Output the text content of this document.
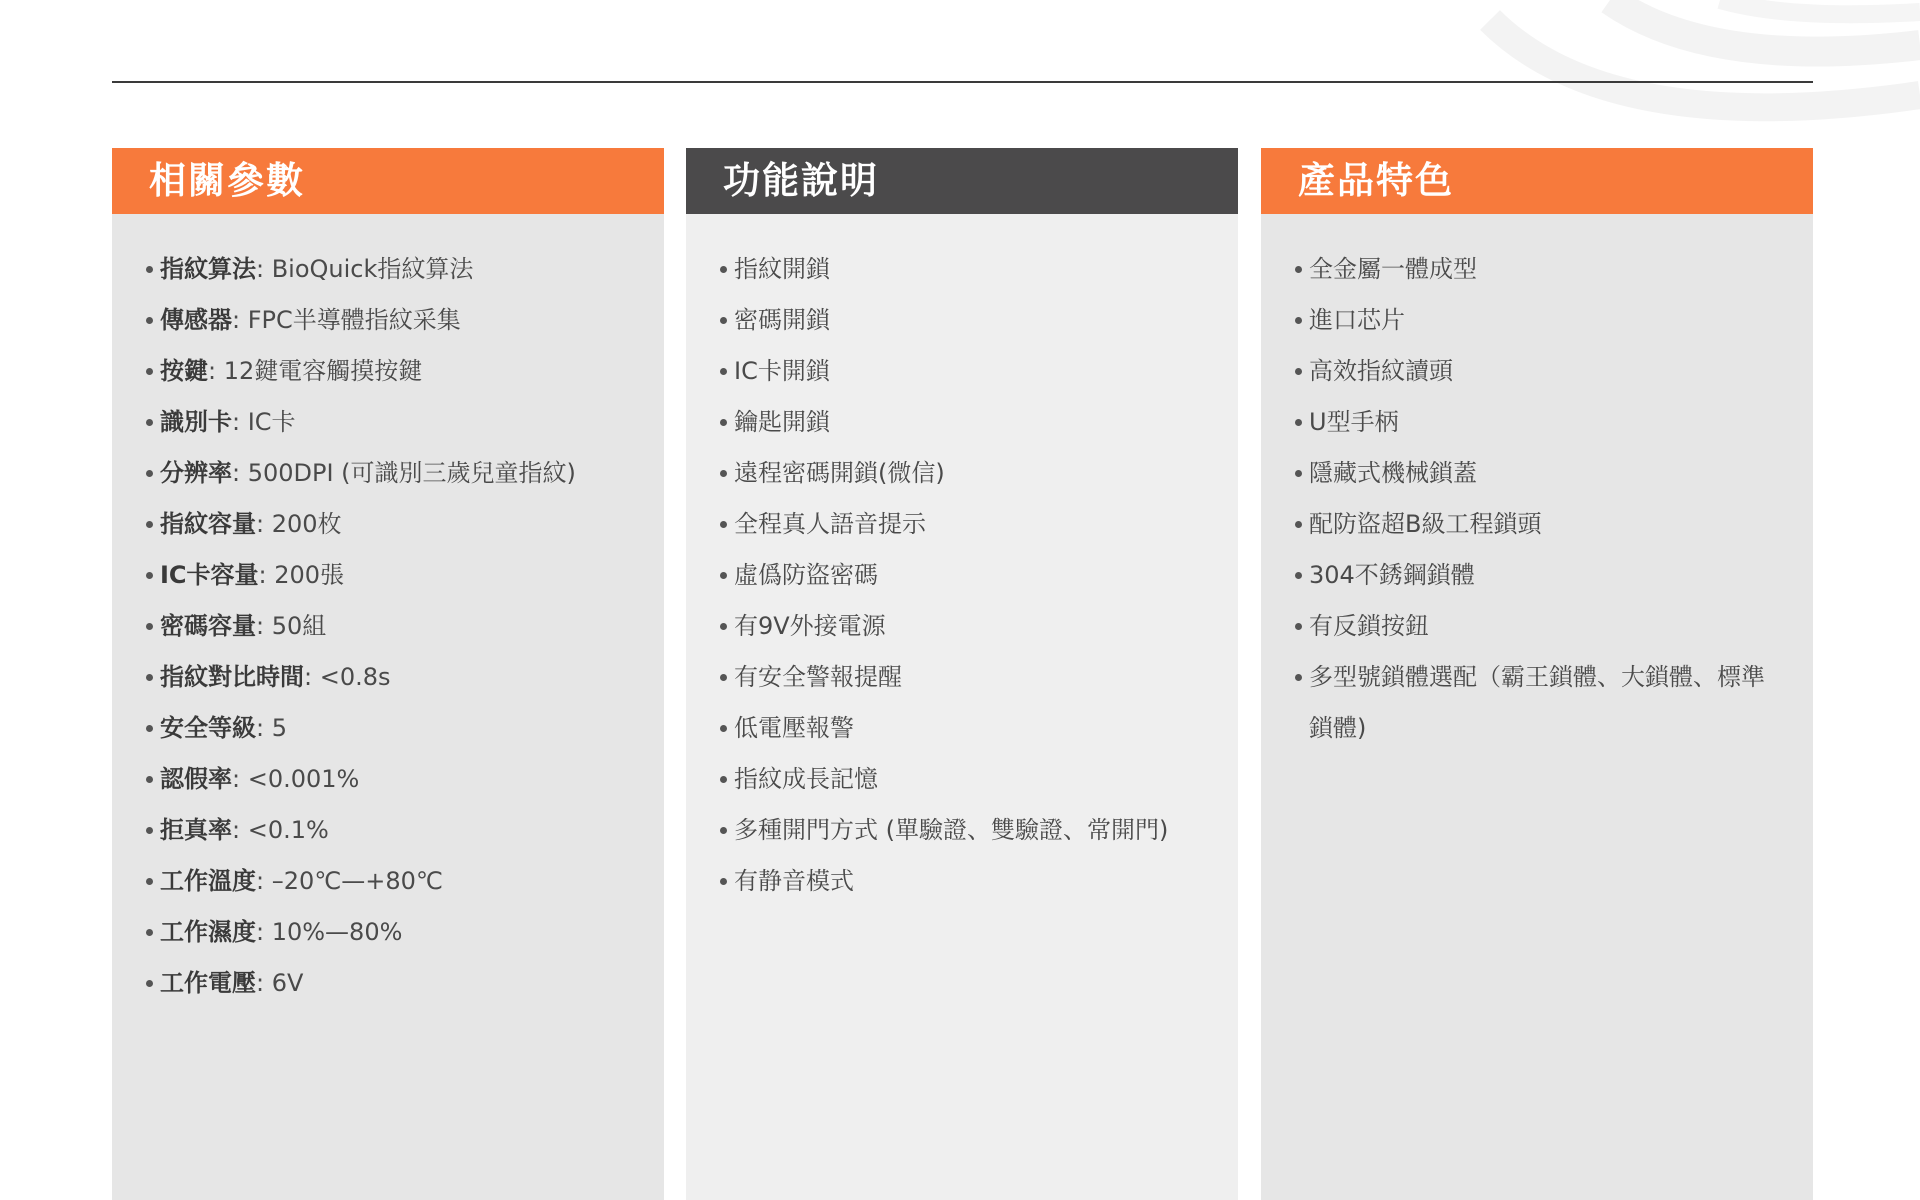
相關參數
指紋算法: BioQuick指紋算法
傳感器: FPC半導體指紋采集
按鍵: 12鍵電容觸摸按鍵
識別卡: IC卡
分辨率: 500DPI (可識別三歲兒童指紋)
指紋容量: 200枚
IC卡容量: 200張
密碼容量: 50組
指紋對比時間: <0.8s
安全等級: 5
認假率: <0.001%
拒真率: <0.1%
工作溫度: –20℃—+80℃
工作濕度: 10%—80%
工作電壓: 6V
功能說明
指紋開鎖
密碼開鎖
IC卡開鎖
鑰匙開鎖
遠程密碼開鎖(微信)
全程真人語音提示
虛僞防盜密碼
有9V外接電源
有安全警報提醒
低電壓報警
指紋成長記憶
多種開門方式 (單驗證、雙驗證、常開門)
有静音模式
產品特色
全金屬一體成型
進口芯片
高效指紋讀頭
U型手柄
隱藏式機械鎖蓋
配防盜超B級工程鎖頭
304不銹鋼鎖體
有反鎖按鈕
多型號鎖體選配（霸王鎖體、大鎖體、標準鎖體)
